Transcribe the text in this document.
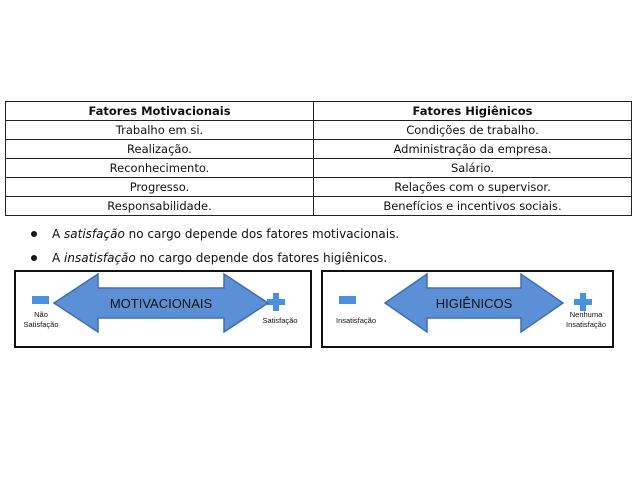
Fatores Motivacionais	Fatores Higiênicos
Trabalho em si.	Condições de trabalho.
Realização.	Administração da empresa.
Reconhecimento.	Salário.
Progresso.	Relações com o supervisor.
Responsabilidade.	Benefícios e incentivos sociais.
A satisfação no cargo depende dos fatores motivacionais.
A insatisfação no cargo depende dos fatores higiênicos.
MOTIVACIONAIS
Não
Satisfação	Satisfação
HIGIÊNICOS
Insatisfação
Nenhuma
Insatisfação
